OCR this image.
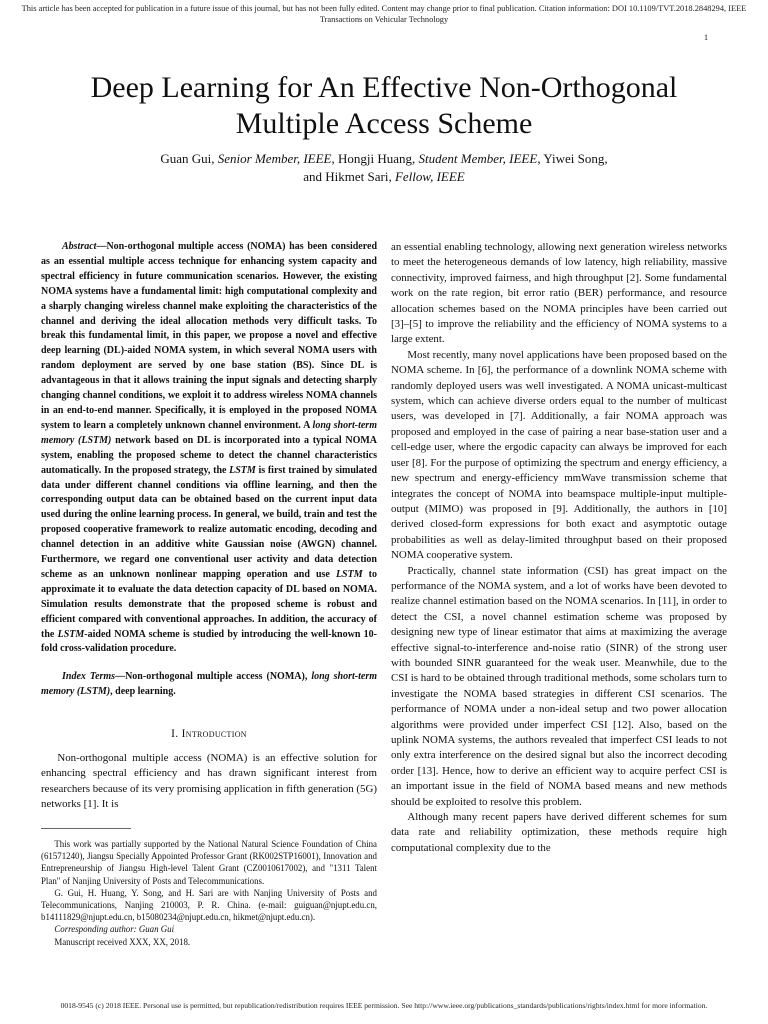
This article has been accepted for publication in a future issue of this journal, but has not been fully edited. Content may change prior to final publication. Citation information: DOI 10.1109/TVT.2018.2848294, IEEE Transactions on Vehicular Technology
1
Deep Learning for An Effective Non-Orthogonal Multiple Access Scheme
Guan Gui, Senior Member, IEEE, Hongji Huang, Student Member, IEEE, Yiwei Song,
and Hikmet Sari, Fellow, IEEE

Abstract—Non-orthogonal multiple access (NOMA) has been considered as an essential multiple access technique for enhancing system capacity and spectral efficiency in future communication scenarios. However, the existing NOMA systems have a fundamental limit: high computational complexity and a sharply changing wireless channel make exploiting the characteristics of the channel and deriving the ideal allocation methods very difficult tasks. To break this fundamental limit, in this paper, we propose a novel and effective deep learning (DL)-aided NOMA system, in which several NOMA users with random deployment are served by one base station (BS). Since DL is advantageous in that it allows training the input signals and detecting sharply changing channel conditions, we exploit it to address wireless NOMA channels in an end-to-end manner. Specifically, it is employed in the proposed NOMA system to learn a completely unknown channel environment. A long short-term memory (LSTM) network based on DL is incorporated into a typical NOMA system, enabling the proposed scheme to detect the channel characteristics automatically. In the proposed strategy, the LSTM is first trained by simulated data under different channel conditions via offline learning, and then the corresponding output data can be obtained based on the current input data used during the online learning process. In general, we build, train and test the proposed cooperative framework to realize automatic encoding, decoding and channel detection in an additive white Gaussian noise (AWGN) channel. Furthermore, we regard one conventional user activity and data detection scheme as an unknown nonlinear mapping operation and use LSTM to approximate it to evaluate the data detection capacity of DL based on NOMA. Simulation results demonstrate that the proposed scheme is robust and efficient compared with conventional approaches. In addition, the accuracy of the LSTM-aided NOMA scheme is studied by introducing the well-known 10-fold cross-validation procedure.

Index Terms—Non-orthogonal multiple access (NOMA), long short-term memory (LSTM), deep learning.

I. Introduction

Non-orthogonal multiple access (NOMA) is an effective solution for enhancing spectral efficiency and has drawn significant interest from researchers because of its very promising application in fifth generation (5G) networks [1]. It is

This work was partially supported by the National Natural Science Foundation of China (61571240), Jiangsu Specially Appointed Professor Grant (RK002STP16001), Innovation and Entrepreneurship of Jiangsu High-level Talent Grant (CZ0010617002), and "1311 Talent Plan" of Nanjing University of Posts and Telecommunications.

G. Gui, H. Huang, Y. Song, and H. Sari are with Nanjing University of Posts and Telecommunications, Nanjing 210003, P. R. China. (e-mail: guiguan@njupt.edu.cn, b14111829@njupt.edu.cn, b15080234@njupt.edu.cn, hikmet@njupt.edu.cn).

Corresponding author: Guan Gui

Manuscript received XXX, XX, 2018.

an essential enabling technology, allowing next generation wireless networks to meet the heterogeneous demands of low latency, high reliability, massive connectivity, improved fairness, and high throughput [2]. Some fundamental work on the rate region, bit error ratio (BER) performance, and resource allocation schemes based on the NOMA principles have been carried out [3]–[5] to improve the reliability and the efficiency of NOMA systems to a large extent.

Most recently, many novel applications have been proposed based on the NOMA scheme. In [6], the performance of a downlink NOMA scheme with randomly deployed users was well investigated. A NOMA unicast-multicast system, which can achieve diverse orders equal to the number of multicast users, was developed in [7]. Additionally, a fair NOMA approach was proposed and employed in the case of pairing a near base-station user and a cell-edge user, where the ergodic capacity can always be improved for each user [8]. For the purpose of optimizing the spectrum and energy efficiency, a new spectrum and energy-efficiency mmWave transmission scheme that integrates the concept of NOMA into beamspace multiple-input multiple-output (MIMO) was proposed in [9]. Additionally, the authors in [10] derived closed-form expressions for both exact and asymptotic outage probabilities as well as delay-limited throughput based on their proposed NOMA cooperative system.

Practically, channel state information (CSI) has great impact on the performance of the NOMA system, and a lot of works have been devoted to realize channel estimation based on the NOMA scenarios. In [11], in order to detect the CSI, a novel channel estimation scheme was proposed by designing new type of linear estimator that aims at maximizing the average effective signal-to-interference and-noise ratio (SINR) of the strong user with bounded SINR guaranteed for the weak user. Meanwhile, due to the CSI is hard to be obtained through traditional methods, some scholars turn to investigate the NOMA based strategies in different CSI scenarios. The performance of NOMA under a non-ideal setup and two power allocation algorithms were provided under imperfect CSI [12]. Also, based on the uplink NOMA systems, the authors revealed that imperfect CSI leads to not only extra interference on the desired signal but also the incorrect decoding order [13]. Hence, how to derive an efficient way to acquire perfect CSI is an important issue in the field of NOMA based means and new methods should be exploited to resolve this problem.

Although many recent papers have derived different schemes for sum data rate and reliability optimization, these methods require high computational complexity due to the

0018-9545 (c) 2018 IEEE. Personal use is permitted, but republication/redistribution requires IEEE permission. See http://www.ieee.org/publications_standards/publications/rights/index.html for more information.
